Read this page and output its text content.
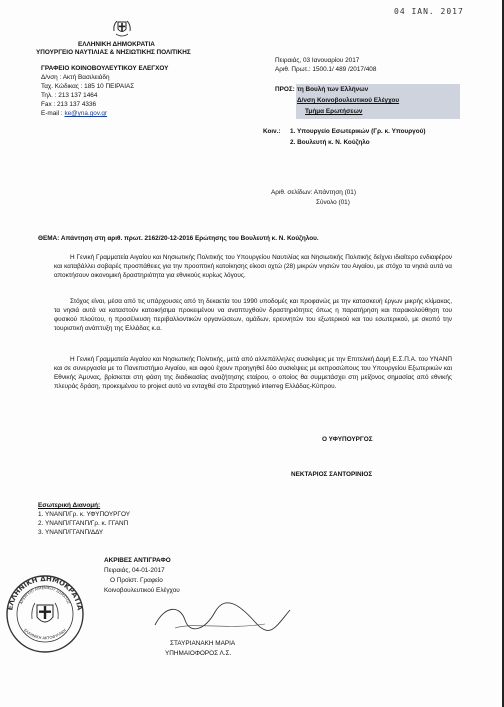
04 IAN. 2017
ΕΛΛΗΝΙΚΗ ΔΗΜΟΚΡΑΤΙΑ
ΥΠΟΥΡΓΕΙΟ ΝΑΥΤΙΛΙΑΣ & ΝΗΣΙΩΤΙΚΗΣ ΠΟΛΙΤΙΚΗΣ
ΓΡΑΦΕΙΟ ΚΟΙΝΟΒΟΥΛΕΥΤΙΚΟΥ ΕΛΕΓΧΟΥ
Δ/νση : Ακτή Βασιλειάδη
Ταχ. Κώδικας : 185 10 ΠΕΙΡΑΙΑΣ
Τηλ. : 213 137 1464
Fax : 213 137 4336
E-mail : ke@yna.gov.gr
Πειραιάς, 03 Ιανουαρίου 2017
Αριθ. Πρωτ.: 1500.1/ 489 /2017/408
ΠΡΟΣ: τη Βουλή των Ελλήνων
Δ/νση Κοινοβουλευτικού Ελέγχου
Τμήμα Ερωτήσεων
Κοιν.: 1. Υπουργείο Εσωτερικών (Γρ. κ. Υπουργού)
2. Βουλευτή κ. Ν. Κούζηλο
Αριθ. σελίδων: Απάντηση (01)
Σύνολο (01)
ΘΕΜΑ: Απάντηση στη αριθ. πρωτ. 2162/20-12-2016 Ερώτησης του Βουλευτή κ. Ν. Κούζηλου.
Η Γενική Γραμματεία Αιγαίου και Νησιωτικής Πολιτικής του Υπουργείου Ναυτιλίας και Νησιωτικής Πολιτικής δείχνει ιδιαίτερο ενδιαφέρον και καταβάλλει σοβαρές προσπάθειες για την προοπτική κατοίκησης είκοσι οχτώ (28) μικρών νησιών του Αιγαίου, με στόχο τα νησιά αυτά να αποκτήσουν οικονομική δραστηριότητα για εθνικούς κυρίως λόγους.
Στόχος είναι, μέσα από τις υπάρχουσες από τη δεκαετία του 1990 υποδομές και προφανώς με την κατασκευή έργων μικρής κλίμακας, τα νησιά αυτά να καταστούν κατοικήσιμα προκειμένου να αναπτυχθούν δραστηριότητες όπως η παρατήρηση και παρακολούθηση του φυσικού πλούτου, η προσέλκυση περιβαλλοντικών οργανώσεων, ομάδων, ερευνητών του εξωτερικού και του εσωτερικού, με σκοπό την τουριστική ανάπτυξη της Ελλάδας κ.α.
Η Γενική Γραμματεία Αιγαίου και Νησιωτικής Πολιτικής, μετά από αλλεπάλληλες συσκέψεις με την Επιτελική Δομή Ε.Σ.Π.Α. του ΥΝΑΝΠ και σε συνεργασία με το Πανεπιστήμιο Αιγαίου, και αφού έχουν προηγηθεί δύο συσκέψεις με εκπροσώπους του Υπουργείου Εξωτερικών και Εθνικής Άμυνας, βρίσκεται στη φάση της διαδικασίας αναζήτησης εταίρου, ο οποίος θα συμμετάσχει στη μείζονος σημασίας από εθνικής πλευράς δράση, προκειμένου το project αυτό να ενταχθεί στο Στρατηγικό interreg Ελλάδας-Κύπρου.
Ο ΥΦΥΠΟΥΡΓΟΣ
ΝΕΚΤΑΡΙΟΣ ΣΑΝΤΟΡΙΝΙΟΣ
Εσωτερική Διανομή:
1. ΥΝΑΝΠ/Γρ. κ. ΥΦΥΠΟΥΡΓΟΥ
2. ΥΝΑΝΠ/ΓΓΑΝΠ/Γρ. κ. ΓΓΑΝΠ
3. ΥΝΑΝΠ/ΓΓΑΝΠ/ΔΔΥ
ΑΚΡΙΒΕΣ ΑΝΤΙΓΡΑΦΟ
Πειραιάς, 04-01-2017
Ο Προϊστ. Γραφείο
Κοινοβουλευτικού Ελέγχου
ΣΤΑΥΡΙΑΝΑΚΗ ΜΑΡΙΑ
ΥΠΗΜΑΙΟΦΟΡΟΣ Λ.Σ.
ΕΛΛΗΝΙΚΗ ΔΗΜΟΚΡΑΤΙΑ
ΑΡΧΗΓΕΙΟ ΛΙΜΕΝΙΚΟΥ ΣΩΜΑΤΟΣ
ΕΛΛΗΝΙΚΗ ΑΚΤΟΦΥΛΑΚΗ
